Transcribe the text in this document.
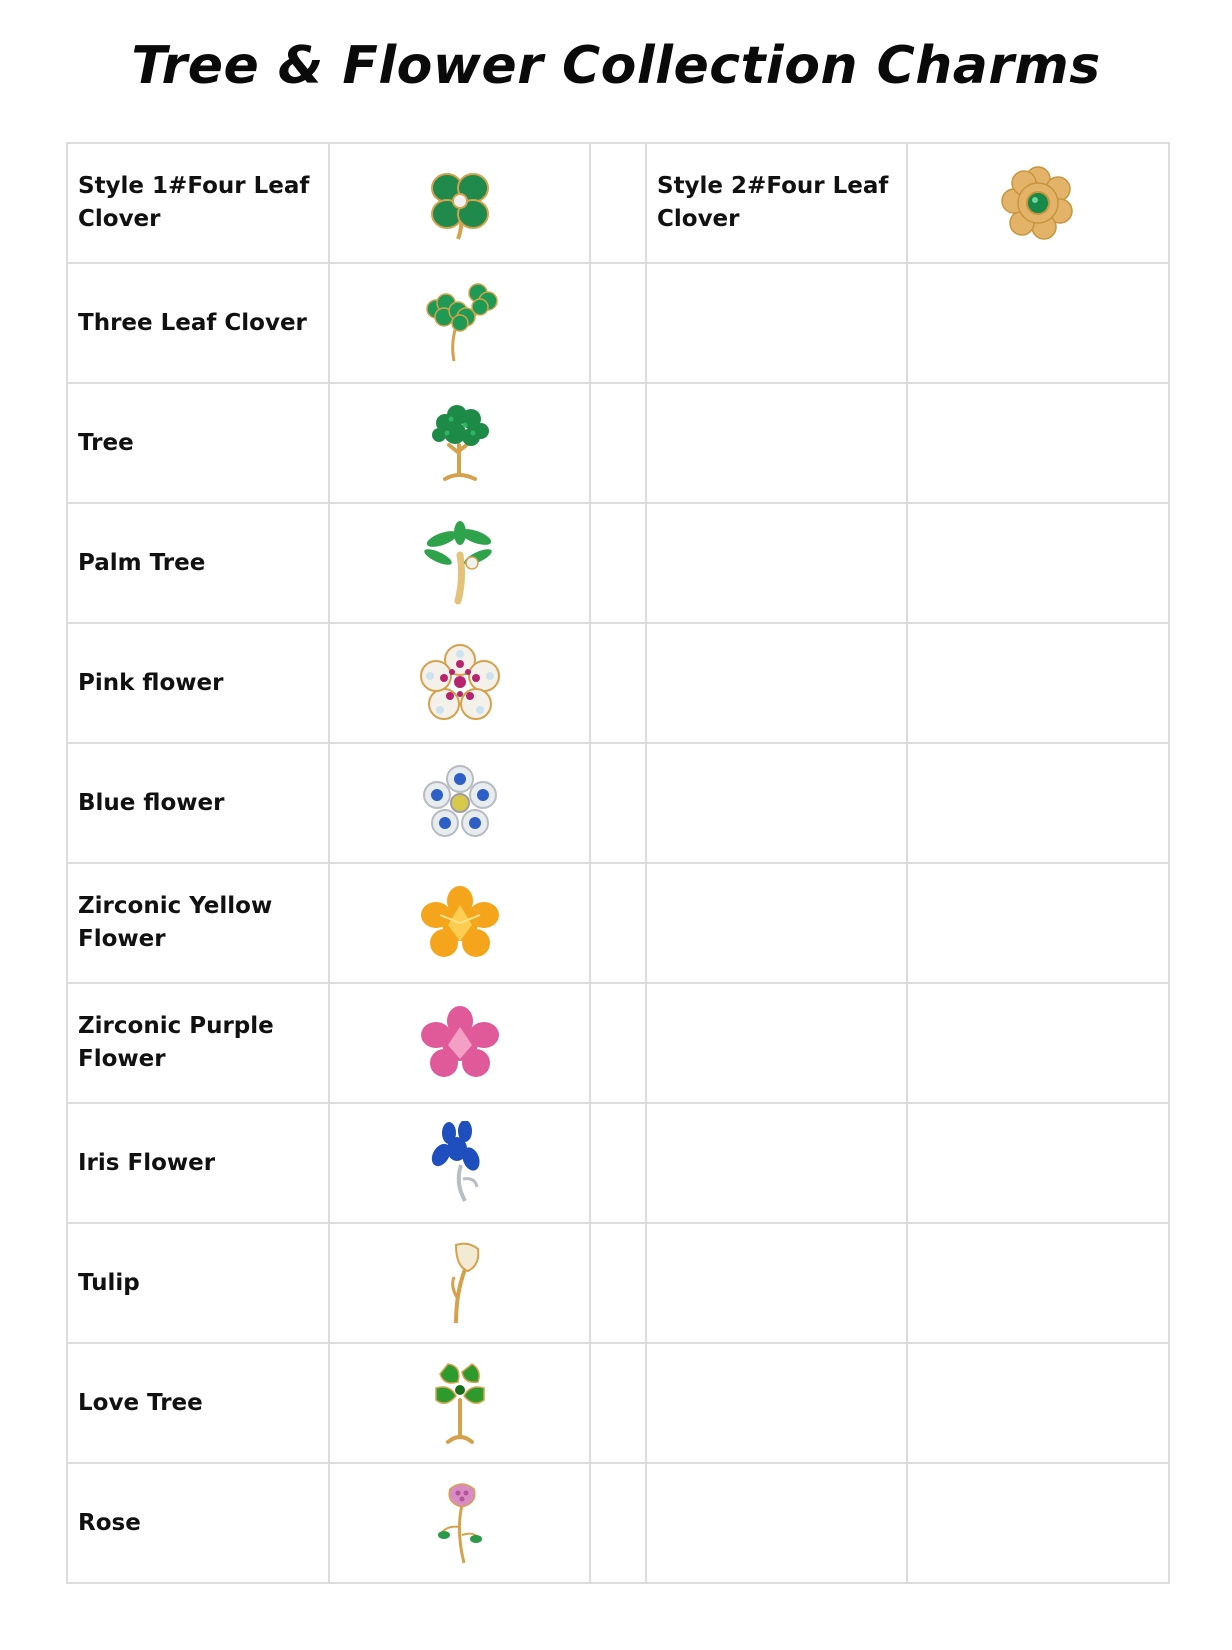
Tree & Flower Collection Charms
Style 1#Four Leaf Clover			Style 2#Four Leaf Clover	
Three Leaf Clover				
Tree				
Palm Tree				
Pink flower				
Blue flower				
Zirconic Yellow Flower				
Zirconic Purple Flower				
Iris Flower				
Tulip				
Love Tree				
Rose				
